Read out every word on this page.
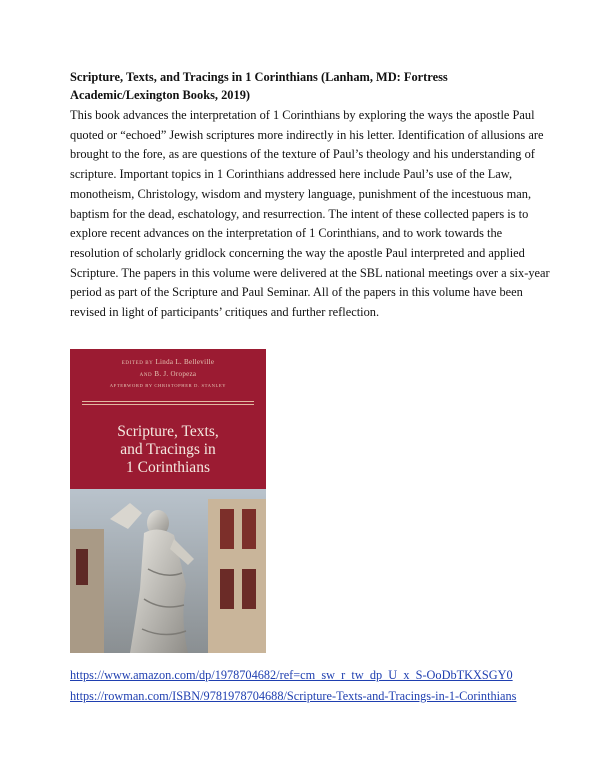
Scripture, Texts, and Tracings in 1 Corinthians (Lanham, MD: Fortress
Academic/Lexington Books, 2019)
This book advances the interpretation of 1 Corinthians by exploring the ways the apostle Paul
quoted or “echoed” Jewish scriptures more indirectly in his letter. Identification of allusions are
brought to the fore, as are questions of the texture of Paul’s theology and his understanding of
scripture. Important topics in 1 Corinthians addressed here include Paul’s use of the Law,
monotheism, Christology, wisdom and mystery language, punishment of the incestuous man,
baptism for the dead, eschatology, and resurrection. The intent of these collected papers is to
explore recent advances on the interpretation of 1 Corinthians, and to work towards the
resolution of scholarly gridlock concerning the way the apostle Paul interpreted and applied
Scripture. The papers in this volume were delivered at the SBL national meetings over a six-year
period as part of the Scripture and Paul Seminar. All of the papers in this volume have been
revised in light of participants’ critiques and further reflection.
EDITED BY Linda L. Belleville
AND B. J. Oropeza
AFTERWORD BY CHRISTOPHER D. STANLEY
Scripture, Texts,
and Tracings in
1 Corinthians
https://www.amazon.com/dp/1978704682/ref=cm_sw_r_tw_dp_U_x_S-OoDbTKXSGY0
https://rowman.com/ISBN/9781978704688/Scripture-Texts-and-Tracings-in-1-Corinthians
